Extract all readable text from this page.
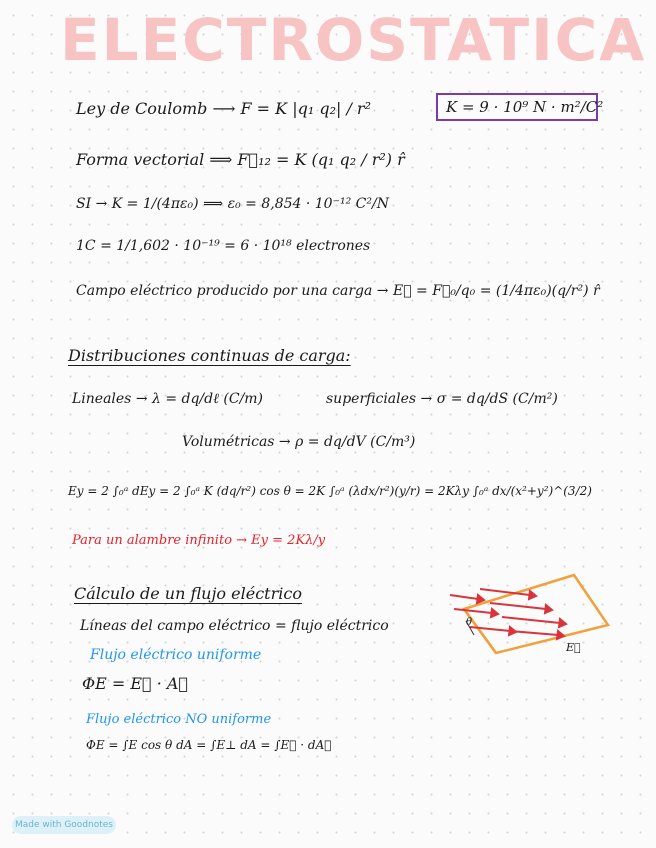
ELECTROSTATICA
Ley de Coulomb ⟶ F = K |q₁ q₂| / r²	K = 9 · 10⁹ N · m²/C²
Forma vectorial ⟹ F⃗₁₂ = K (q₁ q₂ / r²) r̂
SI → K = 1/(4πε₀) ⟹ ε₀ = 8,854 · 10⁻¹² C²/N
1C = 1/1,602 · 10⁻¹⁹ = 6 · 10¹⁸ electrones
Campo eléctrico producido por una carga → E⃗ = F⃗₀/q₀ = (1/4πε₀)(q/r²) r̂
Distribuciones continuas de carga:
Lineales → λ = dq/dℓ (C/m)	superficiales → σ = dq/dS (C/m²)
Volumétricas → ρ = dq/dV (C/m³)
Ey = 2 ∫₀ᵃ dEy = 2 ∫₀ᵃ K (dq/r²) cos θ = 2K ∫₀ᵃ (λdx/r²)(y/r) = 2Kλy ∫₀ᵃ dx/(x²+y²)^(3/2)
Para un alambre infinito → Ey = 2Kλ/y
Cálculo de un flujo eléctrico
Líneas del campo eléctrico = flujo eléctrico
Flujo eléctrico uniforme
ΦE = E⃗ · A⃗
Flujo eléctrico NO uniforme
ΦE = ∫E cos θ dA = ∫E⊥ dA = ∫E⃗ · dA⃗
θ
E⃗
Made with Goodnotes
